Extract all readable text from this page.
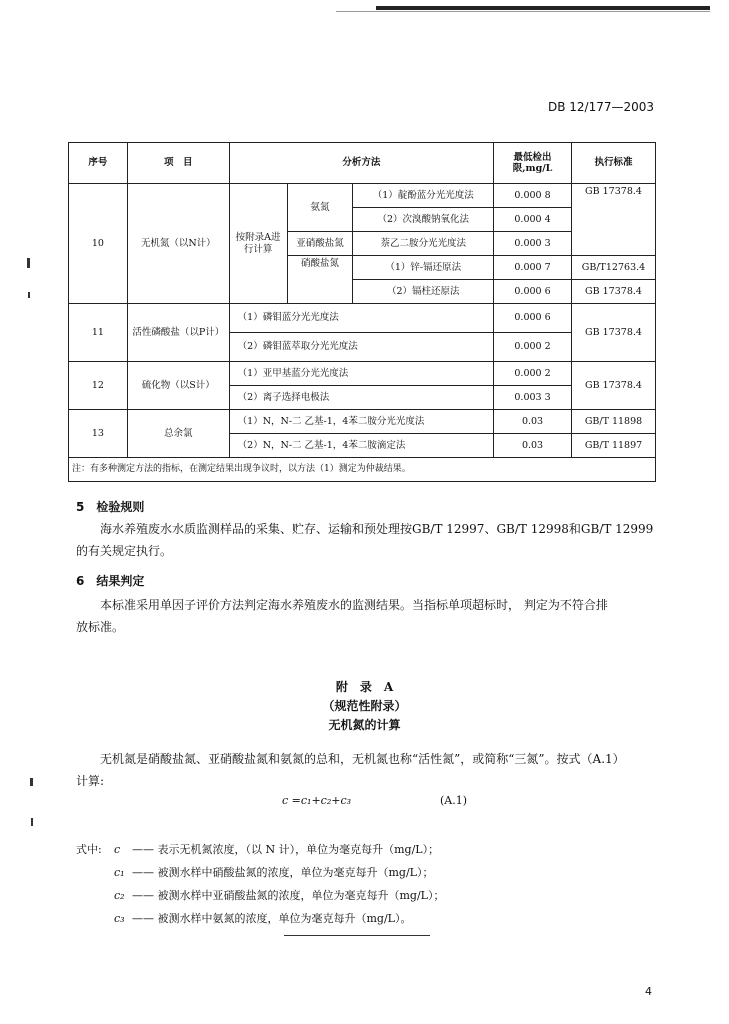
DB 12/177—2003
序号	项　目	分析方法			最低检出限,mg/L	执行标准
10	无机氮（以N计）	按附录A进行计算	氨氮	（1）靛酚蓝分光光度法	0.000 8	GB 17378.4
				（2）次溴酸钠氧化法	0.000 4	
			亚硝酸盐氮	萘乙二胺分光光度法	0.000 3	
			硝酸盐氮	（1）锌-镉还原法	0.000 7	GB/T12763.4
				（2）镉柱还原法	0.000 6	GB 17378.4
11	活性磷酸盐（以P计）	（1）磷钼蓝分光光度法			0.000 6	GB 17378.4
		（2）磷钼蓝萃取分光光度法			0.000 2	
12	硫化物（以S计）	（1）亚甲基蓝分光光度法			0.000 2	GB 17378.4
		（2）离子选择电极法			0.003 3	
13	总余氯	（1）N，N-二 乙基-1，4苯二胺分光光度法			0.03	GB/T 11898
		（2）N，N-二 乙基-1，4苯二胺滴定法			0.03	GB/T 11897
注：有多种测定方法的指标，在测定结果出现争议时，以方法（1）测定为仲裁结果。						
5　检验规则
海水养殖废水水质监测样品的采集、贮存、运输和预处理按GB/T 12997、GB/T 12998和GB/T 12999
的有关规定执行。
6　结果判定
本标准采用单因子评价方法判定海水养殖废水的监测结果。当指标单项超标时， 判定为不符合排
放标准。
附　录　A
（规范性附录）
无机氮的计算
无机氮是硝酸盐氮、亚硝酸盐氮和氨氮的总和，无机氮也称“活性氮”，或简称“三氮”。按式（A.1）
计算:
c =c₁+c₂+c₃	(A.1)
式中: c —— 表示无机氮浓度，（以 N 计），单位为毫克每升（mg/L）；
c₁ —— 被测水样中硝酸盐氮的浓度，单位为毫克每升（mg/L）；
c₂ —— 被测水样中亚硝酸盐氮的浓度，单位为毫克每升（mg/L）；
c₃ —— 被测水样中氨氮的浓度，单位为毫克每升（mg/L）。
4
